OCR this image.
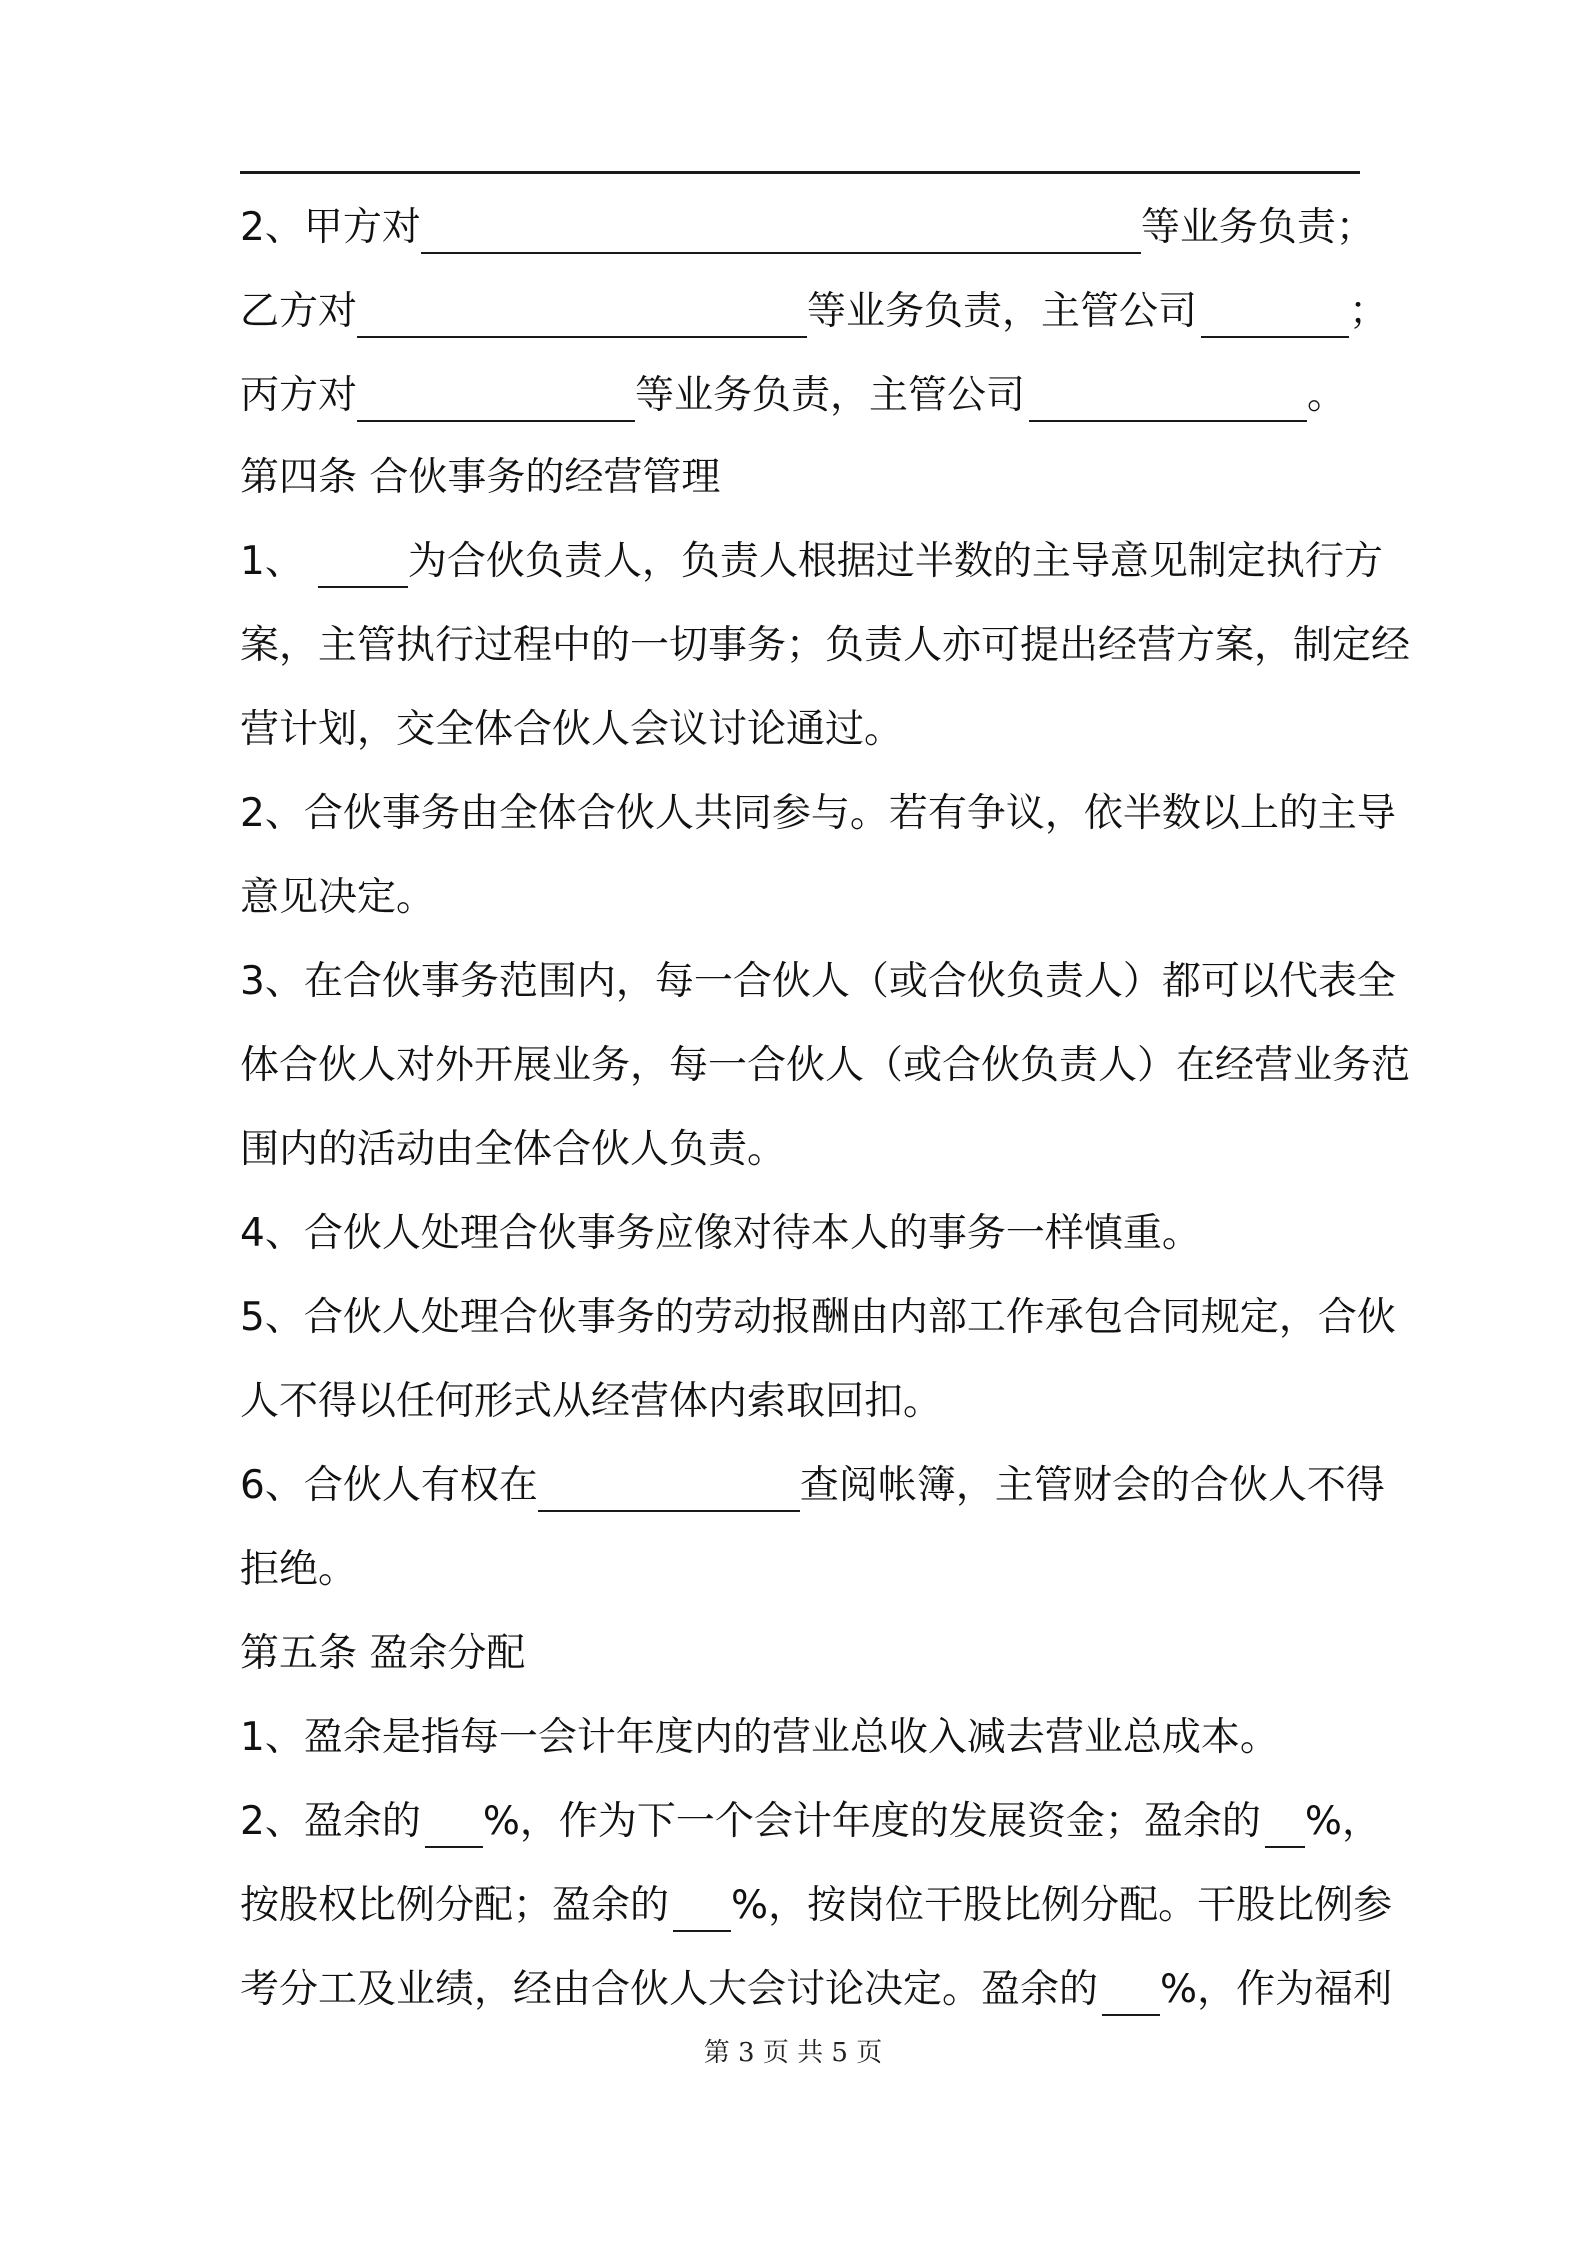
2、甲方对	等业务负责；
乙方对	等业务负责，主管公司	；
丙方对	等业务负责，主管公司	。
第四条 合伙事务的经营管理
1、	为合伙负责人，负责人根据过半数的主导意见制定执行方
案，主管执行过程中的一切事务；负责人亦可提出经营方案，制定经
营计划，交全体合伙人会议讨论通过。
2、合伙事务由全体合伙人共同参与。若有争议，依半数以上的主导
意见决定。
3、在合伙事务范围内，每一合伙人（或合伙负责人）都可以代表全
体合伙人对外开展业务，每一合伙人（或合伙负责人）在经营业务范
围内的活动由全体合伙人负责。
4、合伙人处理合伙事务应像对待本人的事务一样慎重。
5、合伙人处理合伙事务的劳动报酬由内部工作承包合同规定，合伙
人不得以任何形式从经营体内索取回扣。
6、合伙人有权在	查阅帐簿，主管财会的合伙人不得
拒绝。
第五条 盈余分配
1、盈余是指每一会计年度内的营业总收入减去营业总成本。
2、盈余的 %，作为下一个会计年度的发展资金；盈余的 %，
按股权比例分配；盈余的 %，按岗位干股比例分配。干股比例参
考分工及业绩，经由合伙人大会讨论决定。盈余的 %，作为福利
第 3 页 共 5 页
